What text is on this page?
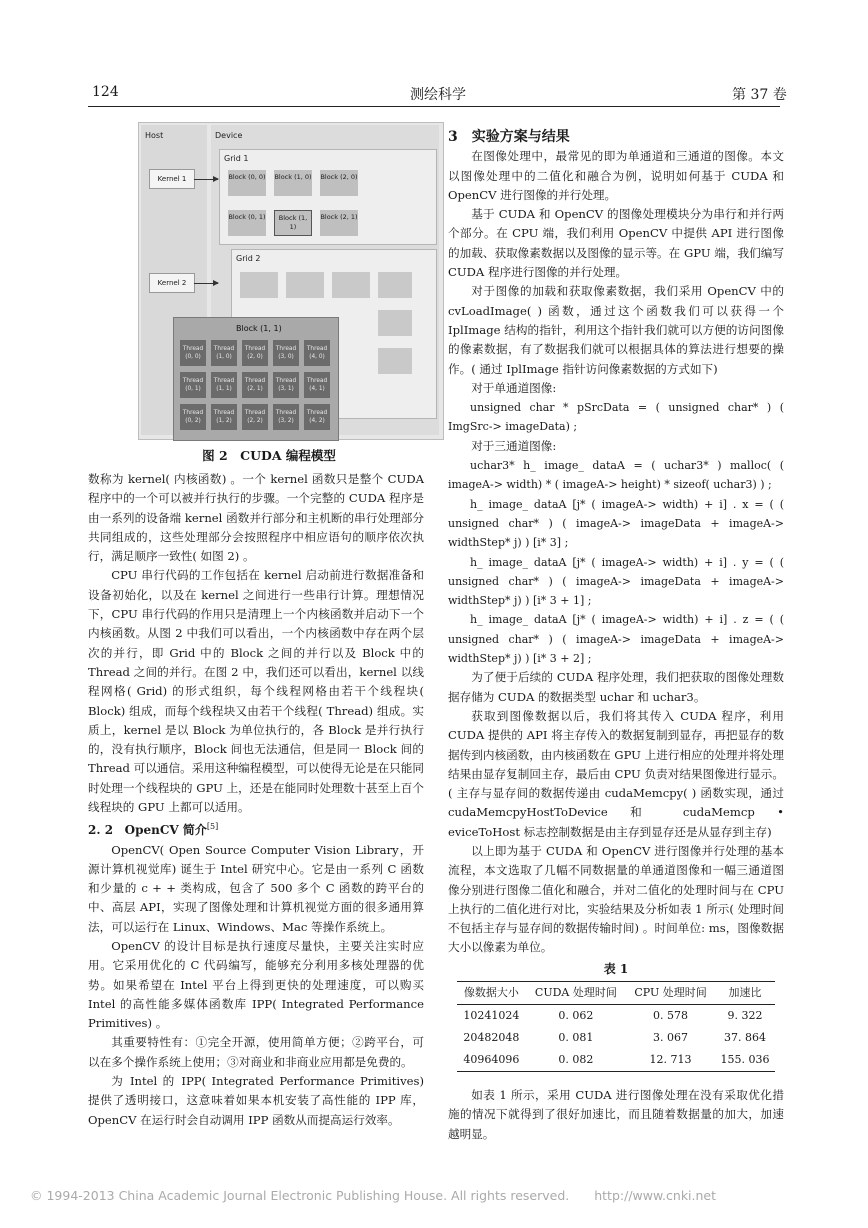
124	测绘科学	第 37 卷
Host	Device
Kernel 1
Kernel 2
Grid 1
Block (0, 0) Block (1, 0) Block (2, 0)
Block (0, 1)	Block (1, 1)
Block (2, 1)
Grid 2
Block (1, 1)
Thread (0, 0)
Thread (1, 0)
Thread (2, 0)
Thread (3, 0)
Thread (4, 0)
Thread (0, 1)
Thread (1, 1)
Thread (2, 1)
Thread (3, 1)
Thread (4, 1)
Thread (0, 2)
Thread (1, 2)
Thread (2, 2)
Thread (3, 2)
Thread (4, 2)
图 2　CUDA 编程模型

数称为 kernel( 内核函数) 。一个 kernel 函数只是整个 CUDA 程序中的一个可以被并行执行的步骤。一个完整的 CUDA 程序是由一系列的设备端 kernel 函数并行部分和主机断的串行处理部分共同组成的，这些处理部分会按照程序中相应语句的顺序依次执行，满足顺序一致性( 如图 2) 。

CPU 串行代码的工作包括在 kernel 启动前进行数据准备和设备初始化，以及在 kernel 之间进行一些串行计算。理想情况下，CPU 串行代码的作用只是清理上一个内核函数并启动下一个内核函数。从图 2 中我们可以看出，一个内核函数中存在两个层次的并行，即 Grid 中的 Block 之间的并行以及 Block 中的 Thread 之间的并行。在图 2 中，我们还可以看出，kernel 以线程网格( Grid) 的形式组织，每个线程网格由若干个线程块( Block) 组成，而每个线程块又由若干个线程( Thread) 组成。实质上，kernel 是以 Block 为单位执行的，各 Block 是并行执行的，没有执行顺序，Block 间也无法通信，但是同一 Block 间的 Thread 可以通信。采用这种编程模型，可以使得无论是在只能同时处理一个线程块的 GPU 上，还是在能同时处理数十甚至上百个线程块的 GPU 上都可以适用。

2. 2　 OpenCV 简介[5]

OpenCV( Open Source Computer Vision Library，开源计算机视觉库) 诞生于 Intel 研究中心。它是由一系列 C 函数和少量的 c + + 类构成，包含了 500 多个 C 函数的跨平台的中、高层 API，实现了图像处理和计算机视觉方面的很多通用算法，可以运行在 Linux、Windows、Mac 等操作系统上。

OpenCV 的设计目标是执行速度尽量快，主要关注实时应用。它采用优化的 C 代码编写，能够充分利用多核处理器的优势。如果希望在 Intel 平台上得到更快的处理速度，可以购买 Intel 的高性能多媒体函数库 IPP( Integrated Performance Primitives) 。

其重要特性有：①完全开源，使用简单方便；②跨平台，可以在多个操作系统上使用；③对商业和非商业应用都是免费的。

为 Intel 的 IPP( Integrated Performance Primitives) 提供了透明接口，这意味着如果本机安装了高性能的 IPP 库，OpenCV 在运行时会自动调用 IPP 函数从而提高运行效率。

3　实验方案与结果

在图像处理中，最常见的即为单通道和三通道的图像。本文以图像处理中的二值化和融合为例，说明如何基于 CUDA 和 OpenCV 进行图像的并行处理。

基于 CUDA 和 OpenCV 的图像处理模块分为串行和并行两个部分。在 CPU 端，我们利用 OpenCV 中提供 API 进行图像的加载、获取像素数据以及图像的显示等。在 GPU 端，我们编写 CUDA 程序进行图像的并行处理。

对于图像的加载和获取像素数据，我们采用 OpenCV 中的 cvLoadImage( ) 函数，通过这个函数我们可以获得一个 IplImage 结构的指针，利用这个指针我们就可以方便的访问图像的像素数据，有了数据我们就可以根据具体的算法进行想要的操作。( 通过 IplImage 指针访问像素数据的方式如下)

对于单通道图像:

unsigned char * pSrcData = ( unsigned char* ) ( ImgSrc-> imageData) ;

对于三通道图像:

uchar3* h_ image_ dataA = ( uchar3* ) malloc( ( imageA-> width) * ( imageA-> height) * sizeof( uchar3) ) ;

h_ image_ dataA [j* ( imageA-> width) + i] . x = ( ( unsigned char* ) ( imageA-> imageData + imageA-> widthStep* j) ) [i* 3] ;

h_ image_ dataA [j* ( imageA-> width) + i] . y = ( ( unsigned char* ) ( imageA-> imageData + imageA-> widthStep* j) ) [i* 3 + 1] ;

h_ image_ dataA [j* ( imageA-> width) + i] . z = ( ( unsigned char* ) ( imageA-> imageData + imageA-> widthStep* j) ) [i* 3 + 2] ;

为了便于后续的 CUDA 程序处理，我们把获取的图像处理数据存储为 CUDA 的数据类型 uchar 和 uchar3。

获取到图像数据以后，我们将其传入 CUDA 程序，利用 CUDA 提供的 API 将主存传入的数据复制到显存，再把显存的数据传到内核函数，由内核函数在 GPU 上进行相应的处理并将处理结果由显存复制回主存，最后由 CPU 负责对结果图像进行显示。( 主存与显存间的数据传递由 cudaMemcpy( ) 函数实现，通过 cudaMemcpyHostToDevice 和 cudaMemcp • eviceToHost 标志控制数据是由主存到显存还是从显存到主存)

以上即为基于 CUDA 和 OpenCV 进行图像并行处理的基本流程，本文选取了几幅不同数据量的单通道图像和一幅三通道图像分别进行图像二值化和融合，并对二值化的处理时间与在 CPU 上执行的二值化进行对比，实验结果及分析如表 1 所示( 处理时间不包括主存与显存间的数据传输时间) 。时间单位: ms，图像数据大小以像素为单位。

表 1

像数据大小	CUDA 处理时间	CPU 处理时间	加速比
10241024	0. 062	0. 578	9. 322
20482048	0. 081	3. 067	37. 864
40964096	0. 082	12. 713	155. 036

如表 1 所示，采用 CUDA 进行图像处理在没有采取优化措施的情况下就得到了很好加速比，而且随着数据量的加大，加速越明显。

© 1994-2013 China Academic Journal Electronic Publishing House. All rights reserved.　　http://www.cnki.net
